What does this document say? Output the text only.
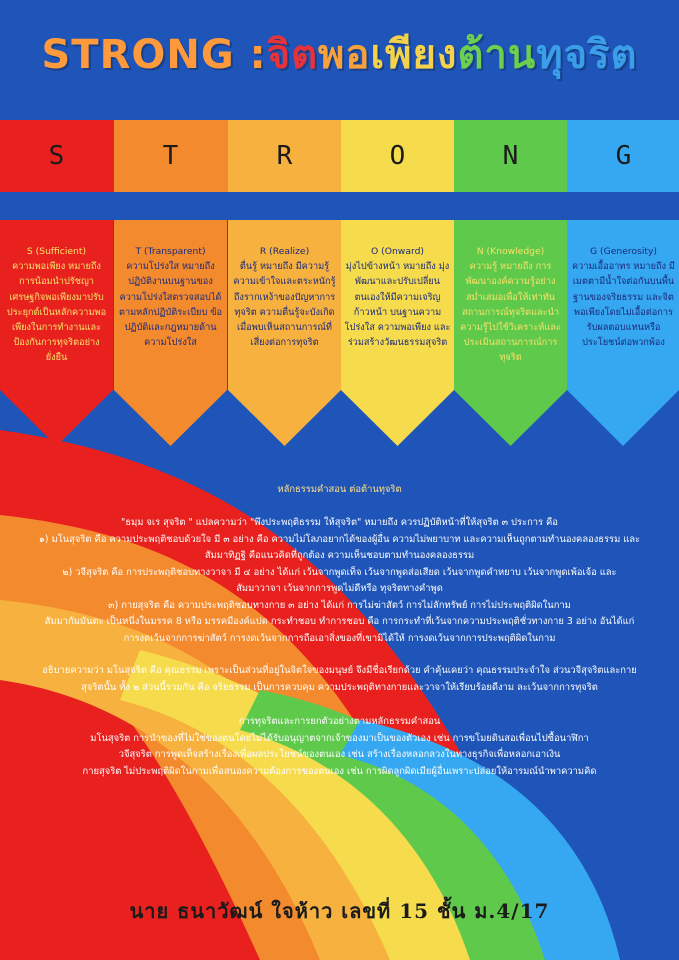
STRONG :จิตพอเพียงต้านทุจริต
S	T	R	O	N	G
S (Sufficient)
ความพอเพียง หมายถึง การน้อมนำปรัชญาเศรษฐกิจพอเพียงมาปรับประยุกต์เป็นหลักความพอเพียงในการทำงานและป้องกันการทุจริตอย่างยั่งยืน
T (Transparent)
ความโปร่งใส หมายถึง ปฏิบัติงานบนฐานของความโปร่งใสตรวจสอบได้ตามหลักปฏิบัติระเบียบ ข้อปฏิบัติและกฎหมายด้านความโปร่งใส
R (Realize)
ตื่นรู้ หมายถึง มีความรู้ความเข้าใจและตระหนักรู้ถึงรากเหง้าของปัญหาการทุจริต ความตื่นรู้จะบังเกิดเมื่อพบเห็นสถานการณ์ที่เสี่ยงต่อการทุจริต
O (Onward)
มุ่งไปข้างหน้า หมายถึง มุ่งพัฒนาและปรับเปลี่ยนตนเองให้มีความเจริญก้าวหน้า บนฐานความโปร่งใส ความพอเพียง และร่วมสร้างวัฒนธรรมสุจริต
N (Knowledge)
ความรู้ หมายถึง การพัฒนาองค์ความรู้อย่างสม่ำเสมอเพื่อให้เท่าทันสถานการณ์ทุจริตและนำความรู้ไปใช้วิเคราะห์และประเมินสถานการณ์การทุจริต
G (Generosity)
ความเอื้ออาทร หมายถึง มีเมตตามีน้ำใจต่อกันบนพื้นฐานของจริยธรรม และจิตพอเพียงโดยไม่เอื้อต่อการรับผลตอบแทนหรือประโยชน์ต่อพวกพ้อง
หลักธรรมคำสอน ต่อต้านทุจริต

"ธมฺม จเร สุจริต " แปลความว่า "พึงประพฤติธรรม ให้สุจริต" หมายถึง ควรปฏิบัติหน้าที่ให้สุจริต ๓ ประการ คือ

๑) มโนสุจริต คือ ความประพฤติชอบด้วยใจ มี ๓ อย่าง คือ ความไม่โลภอยากได้ของผู้อื่น ความไม่พยาบาท และความเห็นถูกตามทำนองคลองธรรม และ

สัมมาทิฏฐิ คือแนวคิดที่ถูกต้อง ความเห็นชอบตามทำนองคลองธรรม

๒) วจีสุจริต คือ การประพฤติชอบทางวาจา มี ๔ อย่าง ได้แก่ เว้นจากพูดเท็จ เว้นจากพูดส่อเสียด เว้นจากพูดคำหยาบ เว้นจากพูดเพ้อเจ้อ และ

สัมมาวาจา เว้นจากการพูดไม่ดีหรือ ทุจริตทางคำพูด

๓) กายสุจริต คือ ความประพฤติชอบทางกาย ๓ อย่าง ได้แก่ การไม่ฆ่าสัตว์ การไม่ลักทรัพย์ การไม่ประพฤติผิดในกาม

สัมมากัมมันตะ เป็นหนึ่งในมรรค 8 หรือ มรรคมีองค์แปด กระทำชอบ ทำการชอบ คือ การกระทำที่เว้นจากความประพฤติชั่วทางกาย 3 อย่าง อันได้แก่

การงดเว้นจากการฆ่าสัตว์ การงดเว้นจากการถือเอาสิ่งของที่เขามิได้ให้ การงดเว้นจากการประพฤติผิดในกาม

อธิบายความว่า มโนสุจริต คือ คุณธรรม เพราะเป็นส่วนที่อยู่ในจิตใจของมนุษย์ จึงมีชื่อเรียกด้วย คำคุ้นเคยว่า คุณธรรมประจำใจ ส่วนวจีสุจริตและกาย

สุจริตนั้น ทั้ง ๒ ส่วนนี้รวมกัน คือ จริยธรรม เป็นการควบคุม ความประพฤติทางกายและวาจาให้เรียบร้อยดีงาม ละเว้นจากการทุจริต

การทุจริตและการยกตัวอย่างตามหลักธรรมคำสอน

มโนสุจริต การนำของที่ไม่ใช่ของตนโดยไม่ได้รับอนุญาตจากเจ้าของมาเป็นของตัวเอง เช่น การขโมยดินสอเพื่อนไปซื้อนาฬิกา

วจีสุจริต การพูดเท็จสร้างเรื่องเพื่อผลประโยชน์ของตนเอง เช่น สร้างเรื่องหลอกลวงในทางธุรกิจเพื่อหลอกเอาเงิน

กายสุจริต ไม่ประพฤติผิดในกามเพื่อสนองความต้องการของตนเอง เช่น การผิดลูกผิดเมียผู้อื่นเพราะปล่อยให้อารมณ์นำพาความคิด

นาย ธนาวัฒน์ ใจห้าว เลขที่ 15 ชั้น ม.4/17
